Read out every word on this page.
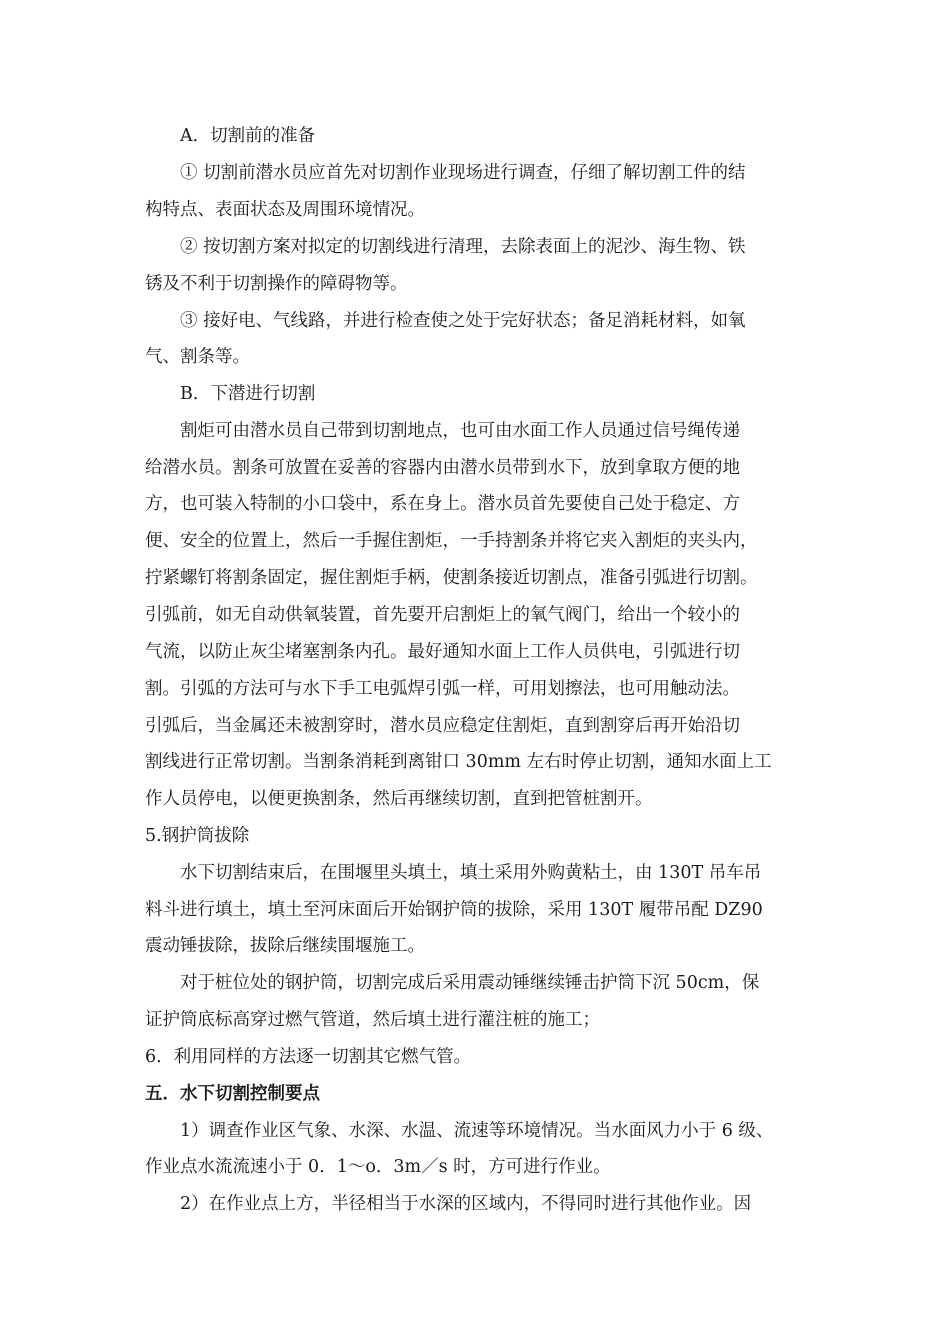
A．切割前的准备
① 切割前潜水员应首先对切割作业现场进行调查，仔细了解切割工件的结
构特点、表面状态及周围环境情况。
② 按切割方案对拟定的切割线进行清理，去除表面上的泥沙、海生物、铁
锈及不利于切割操作的障碍物等。
③ 接好电、气线路，并进行检查使之处于完好状态；备足消耗材料，如氧
气、割条等。
B．下潜进行切割
割炬可由潜水员自己带到切割地点，也可由水面工作人员通过信号绳传递
给潜水员。割条可放置在妥善的容器内由潜水员带到水下，放到拿取方便的地
方，也可装入特制的小口袋中，系在身上。潜水员首先要使自己处于稳定、方
便、安全的位置上，然后一手握住割炬，一手持割条并将它夹入割炬的夹头内，
拧紧螺钉将割条固定，握住割炬手柄，使割条接近切割点，准备引弧进行切割。
引弧前，如无自动供氧装置，首先要开启割炬上的氧气阀门，给出一个较小的
气流，以防止灰尘堵塞割条内孔。最好通知水面上工作人员供电，引弧进行切
割。引弧的方法可与水下手工电弧焊引弧一样，可用划擦法，也可用触动法。
引弧后，当金属还未被割穿时，潜水员应稳定住割炬，直到割穿后再开始沿切
割线进行正常切割。当割条消耗到离钳口 30mm 左右时停止切割，通知水面上工
作人员停电，以便更换割条，然后再继续切割，直到把管桩割开。
5.钢护筒拔除
水下切割结束后，在围堰里头填土，填土采用外购黄粘土，由 130T 吊车吊
料斗进行填土，填土至河床面后开始钢护筒的拔除，采用 130T 履带吊配 DZ90
震动锤拔除，拔除后继续围堰施工。
对于桩位处的钢护筒，切割完成后采用震动锤继续锤击护筒下沉 50cm，保
证护筒底标高穿过燃气管道，然后填土进行灌注桩的施工；
6．利用同样的方法逐一切割其它燃气管。
五．水下切割控制要点
1）调查作业区气象、水深、水温、流速等环境情况。当水面风力小于 6 级、
作业点水流流速小于 0．1～o．3m／s 时，方可进行作业。
2）在作业点上方，半径相当于水深的区域内，不得同时进行其他作业。因
